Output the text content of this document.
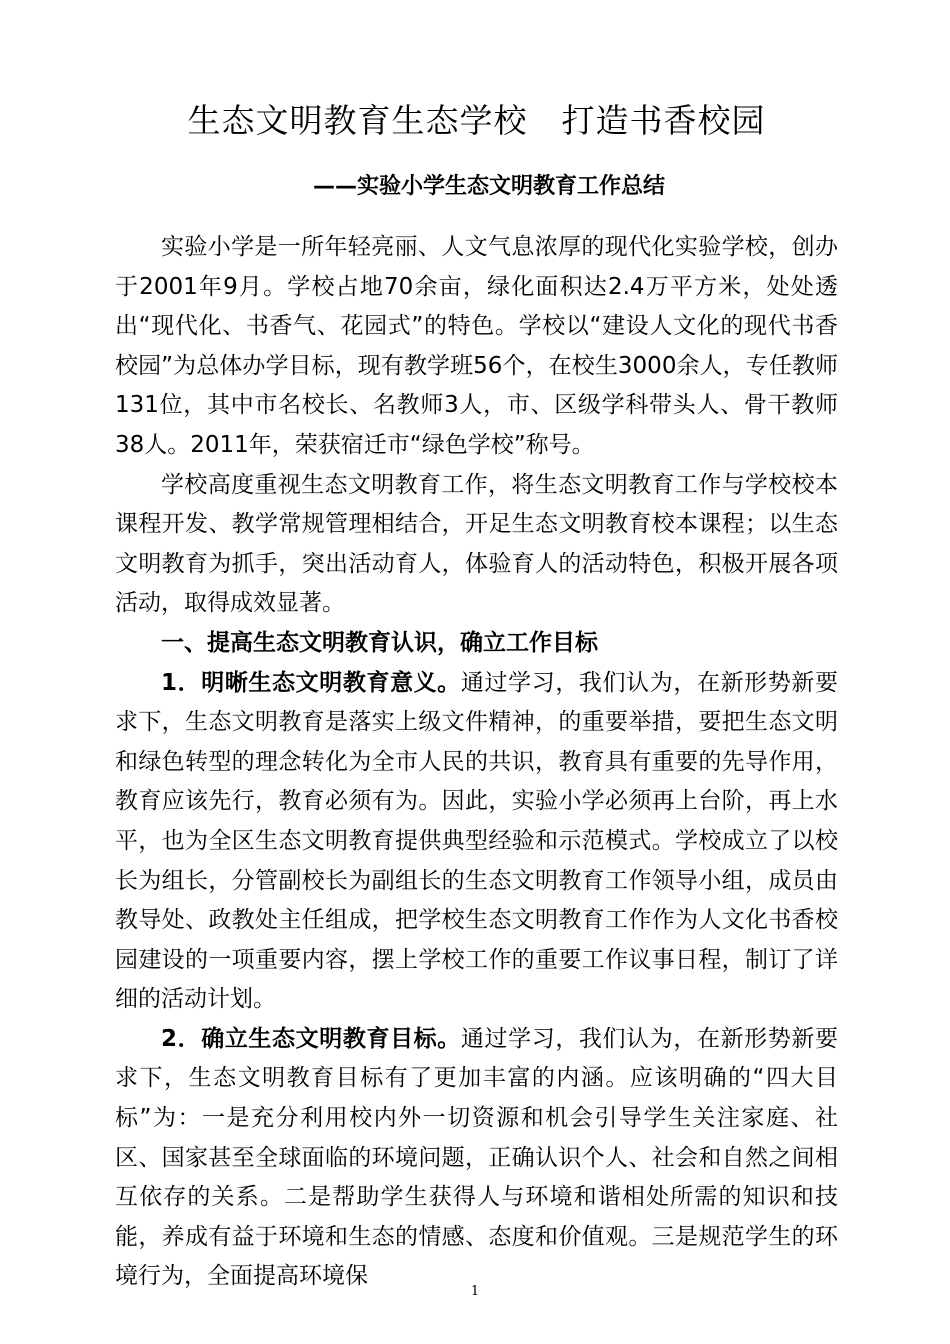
生态文明教育生态学校　打造书香校园
——实验小学生态文明教育工作总结

实验小学是一所年轻亮丽、人文气息浓厚的现代化实验学校，创办于2001年9月。学校占地70余亩，绿化面积达2.4万平方米，处处透出“现代化、书香气、花园式”的特色。学校以“建设人文化的现代书香校园”为总体办学目标，现有教学班56个，在校生3000余人，专任教师131位，其中市名校长、名教师3人，市、区级学科带头人、骨干教师38人。2011年，荣获宿迁市“绿色学校”称号。

学校高度重视生态文明教育工作，将生态文明教育工作与学校校本课程开发、教学常规管理相结合，开足生态文明教育校本课程；以生态文明教育为抓手，突出活动育人，体验育人的活动特色，积极开展各项活动，取得成效显著。

一、提高生态文明教育认识，确立工作目标

1．明晰生态文明教育意义。通过学习，我们认为，在新形势新要求下，生态文明教育是落实上级文件精神，的重要举措，要把生态文明和绿色转型的理念转化为全市人民的共识，教育具有重要的先导作用，教育应该先行，教育必须有为。因此，实验小学必须再上台阶，再上水平，也为全区生态文明教育提供典型经验和示范模式。学校成立了以校长为组长，分管副校长为副组长的生态文明教育工作领导小组，成员由教导处、政教处主任组成，把学校生态文明教育工作作为人文化书香校园建设的一项重要内容，摆上学校工作的重要工作议事日程，制订了详细的活动计划。

2．确立生态文明教育目标。通过学习，我们认为，在新形势新要求下，生态文明教育目标有了更加丰富的内涵。应该明确的“四大目标”为：一是充分利用校内外一切资源和机会引导学生关注家庭、社区、国家甚至全球面临的环境问题，正确认识个人、社会和自然之间相互依存的关系。二是帮助学生获得人与环境和谐相处所需的知识和技能，养成有益于环境和生态的情感、态度和价值观。三是规范学生的环境行为，全面提高环境保

1
